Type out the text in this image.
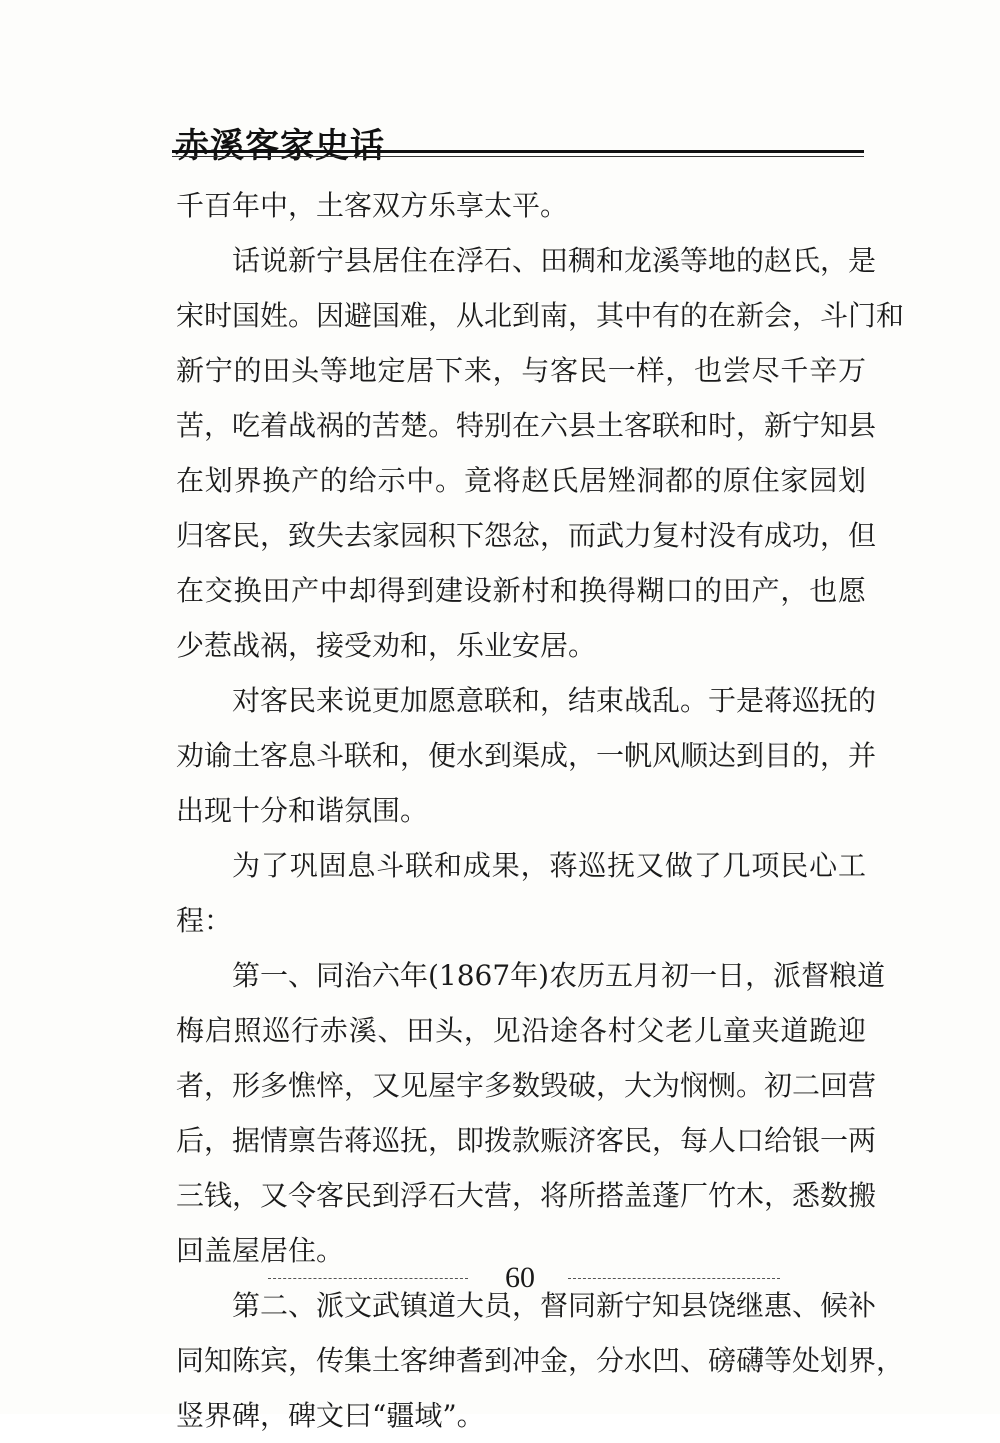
赤溪客家史话
千百年中，土客双方乐享太平。
话说新宁县居住在浮石、田稠和龙溪等地的赵氏，是
宋时国姓。因避国难，从北到南，其中有的在新会，斗门和
新宁的田头等地定居下来，与客民一样，也尝尽千辛万
苦，吃着战祸的苦楚。特别在六县土客联和时，新宁知县
在划界换产的给示中。竟将赵氏居矬洞都的原住家园划
归客民，致失去家园积下怨忿，而武力复村没有成功，但
在交换田产中却得到建设新村和换得糊口的田产，也愿
少惹战祸，接受劝和，乐业安居。
对客民来说更加愿意联和，结束战乱。于是蒋巡抚的
劝谕土客息斗联和，便水到渠成，一帆风顺达到目的，并
出现十分和谐氛围。
为了巩固息斗联和成果，蒋巡抚又做了几项民心工
程：
第一、同治六年(1867年)农历五月初一日，派督粮道
梅启照巡行赤溪、田头，见沿途各村父老儿童夹道跪迎
者，形多憔悴，又见屋宇多数毁破，大为悯恻。初二回营
后，据情禀告蒋巡抚，即拨款赈济客民，每人口给银一两
三钱，又令客民到浮石大营，将所搭盖蓬厂竹木，悉数搬
回盖屋居住。
第二、派文武镇道大员，督同新宁知县饶继惠、候补
同知陈宾，传集土客绅耆到冲金，分水凹、磅礴等处划界，
竖界碑，碑文曰“疆域”。
60
